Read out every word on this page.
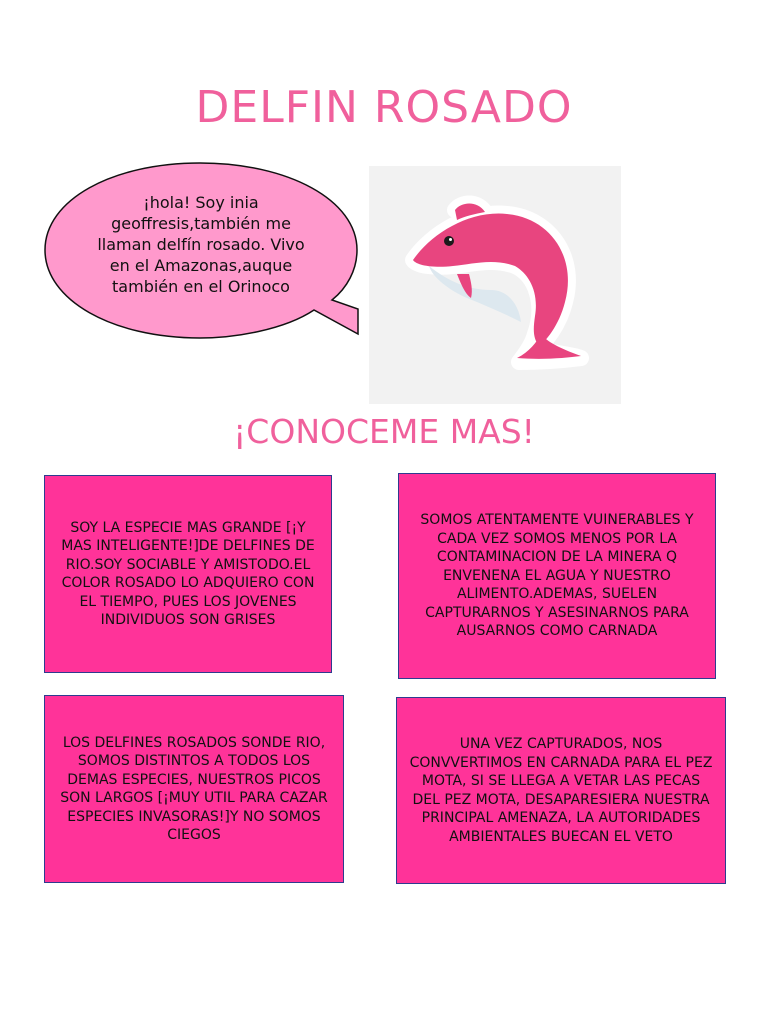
DELFIN ROSADO
¡hola! Soy inia geoffresis,también me llaman delfín rosado. Vivo en el Amazonas,auque también en el Orinoco
¡CONOCEME MAS!
SOY LA ESPECIE MAS GRANDE [¡Y MAS INTELIGENTE!]DE DELFINES DE RIO.SOY SOCIABLE Y AMISTODO.EL COLOR ROSADO LO ADQUIERO CON EL TIEMPO, PUES LOS JOVENES INDIVIDUOS SON GRISES
SOMOS ATENTAMENTE VUINERABLES Y CADA VEZ SOMOS MENOS POR LA CONTAMINACION DE LA MINERA Q ENVENENA EL AGUA Y NUESTRO ALIMENTO.ADEMAS, SUELEN CAPTURARNOS Y ASESINARNOS PARA AUSARNOS COMO CARNADA
LOS DELFINES ROSADOS SONDE RIO, SOMOS DISTINTOS A TODOS LOS DEMAS ESPECIES, NUESTROS PICOS SON LARGOS [¡MUY UTIL PARA CAZAR ESPECIES INVASORAS!]Y NO SOMOS CIEGOS
UNA VEZ CAPTURADOS, NOS CONVVERTIMOS EN CARNADA PARA EL PEZ MOTA, SI SE LLEGA A VETAR LAS PECAS DEL PEZ MOTA, DESAPARESIERA NUESTRA PRINCIPAL AMENAZA, LA AUTORIDADES AMBIENTALES BUECAN EL VETO
